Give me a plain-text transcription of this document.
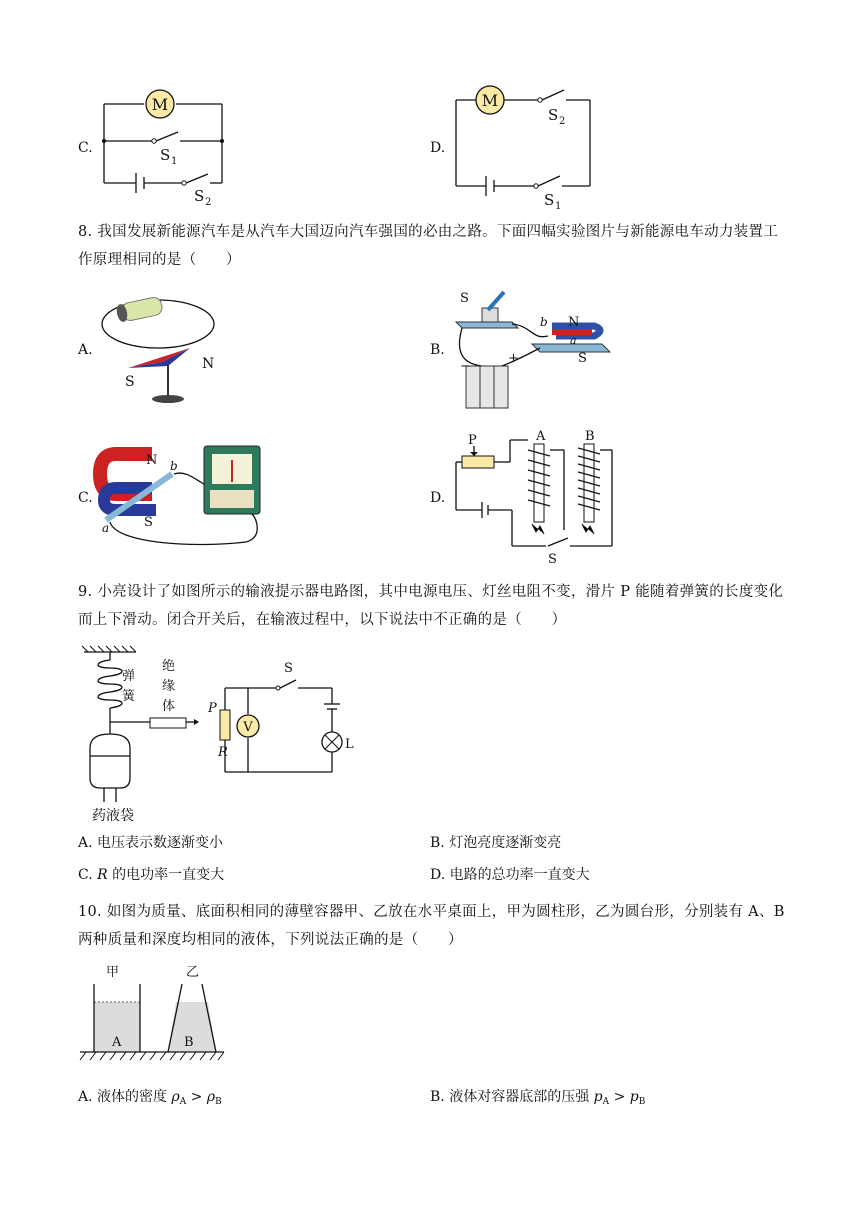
C.
M
S 1
S 2
D.
M
S 2
S 1
8. 我国发展新能源汽车是从汽车大国迈向汽车强国的必由之路。下面四幅实验图片与新能源电车动力装置工作原理相同的是（　　）
A.
S
N
B.
S
b N
a
S
−
+
C.
N b
S
a
D.
P
S
A	B
9. 小亮设计了如图所示的输液提示器电路图，其中电源电压、灯丝电阻不变，滑片 P 能随着弹簧的长度变化而上下滑动。闭合开关后，在输液过程中，以下说法中不正确的是（　　）
弹
簧
绝
缘
体
药液袋
P
R
V
S
L
A. 电压表示数逐渐变小	B. 灯泡亮度逐渐变亮
C. R 的电功率一直变大	D. 电路的总功率一直变大
10. 如图为质量、底面积相同的薄壁容器甲、乙放在水平桌面上，甲为圆柱形，乙为圆台形，分别装有 A、B 两种质量和深度均相同的液体，下列说法正确的是（　　）
甲	乙
A	B
A. 液体的密度 $\rho_A > \rho_B$	B. 液体对容器底部的压强 $p_A > p_B$
